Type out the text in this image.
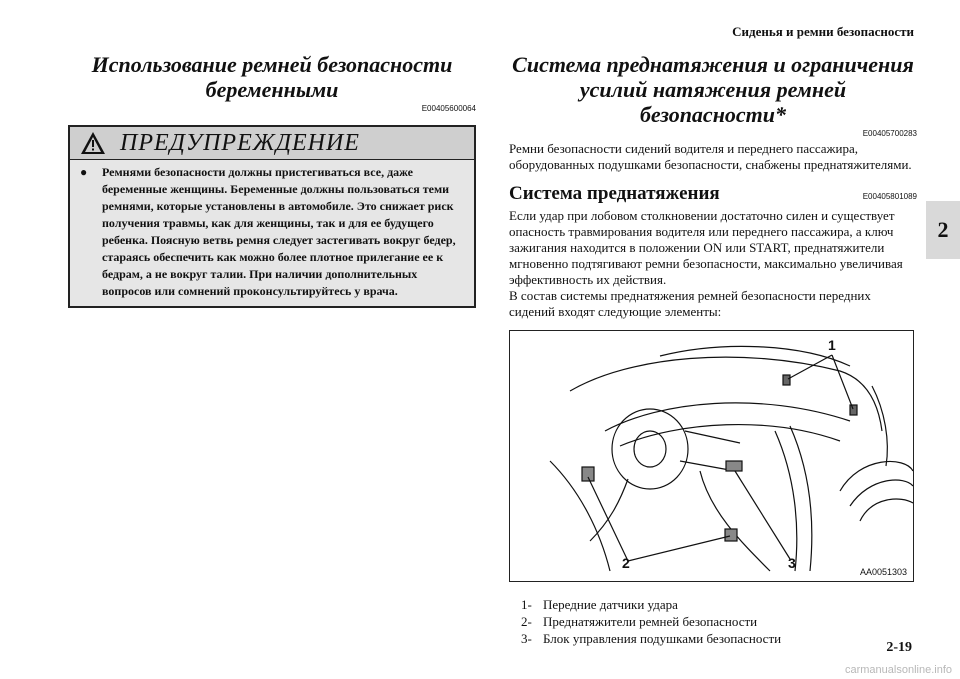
Сиденья и ремни безопасности
2
Использование ремней безопасности беременными
E00405600064
ПРЕДУПРЕЖДЕНИЕ
●	Ремнями безопасности должны пристегиваться все, даже беременные женщины. Беременные должны пользоваться теми ремнями, которые установлены в автомобиле. Это снижает риск получения травмы, как для женщины, так и для ее будущего ребенка. Поясную ветвь ремня следует застегивать вокруг бедер, стараясь обеспечить как можно более плотное прилегание ее к бедрам, а не вокруг талии. При наличии дополнительных вопросов или сомнений проконсультируйтесь у врача.
Система преднатяжения и ограничения усилий натяжения ремней безопасности*
E00405700283

Ремни безопасности сидений водителя и переднего пассажира, оборудованных подушками безопасности, снабжены преднатяжителями.

Система преднатяжения	E00405801089

Если удар при лобовом столкновении достаточно силен и существует опасность травмирования водителя или переднего пассажира, а ключ зажигания находится в положении ON или START, преднатяжители мгновенно подтягивают ремни безопасности, максимально увеличивая эффективность их действия.

В состав системы преднатяжения ремней безопасности передних сидений входят следующие элементы:

1
2	3
AA0051303
1- Передние датчики удара
2- Преднатяжители ремней безопасности
3- Блок управления подушками безопасности
2-19
carmanualsonline.info
